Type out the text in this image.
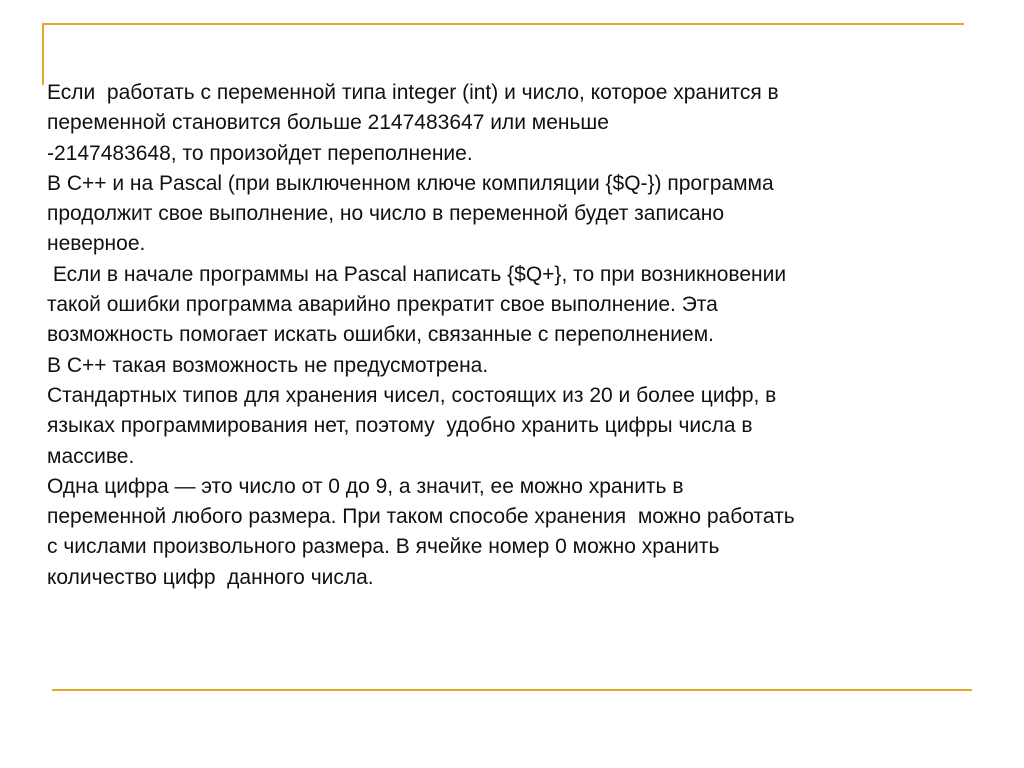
Если  работать с переменной типа integer (int) и число, которое хранится в
переменной становится больше 2147483647 или меньше
-2147483648, то произойдет переполнение.
В С++ и на Pascal (при выключенном ключе компиляции {$Q-}) программа
продолжит свое выполнение, но число в переменной будет записано
неверное.
Если в начале программы на Pascal написать {$Q+}, то при возникновении
такой ошибки программа аварийно прекратит свое выполнение. Эта
возможность помогает искать ошибки, связанные с переполнением.
В С++ такая возможность не предусмотрена.
Стандартных типов для хранения чисел, состоящих из 20 и более цифр, в
языках программирования нет, поэтому  удобно хранить цифры числа в
массиве.
Одна цифра — это число от 0 до 9, а значит, ее можно хранить в
переменной любого размера. При таком способе хранения  можно работать
с числами произвольного размера. В ячейке номер 0 можно хранить
количество цифр  данного числа.
